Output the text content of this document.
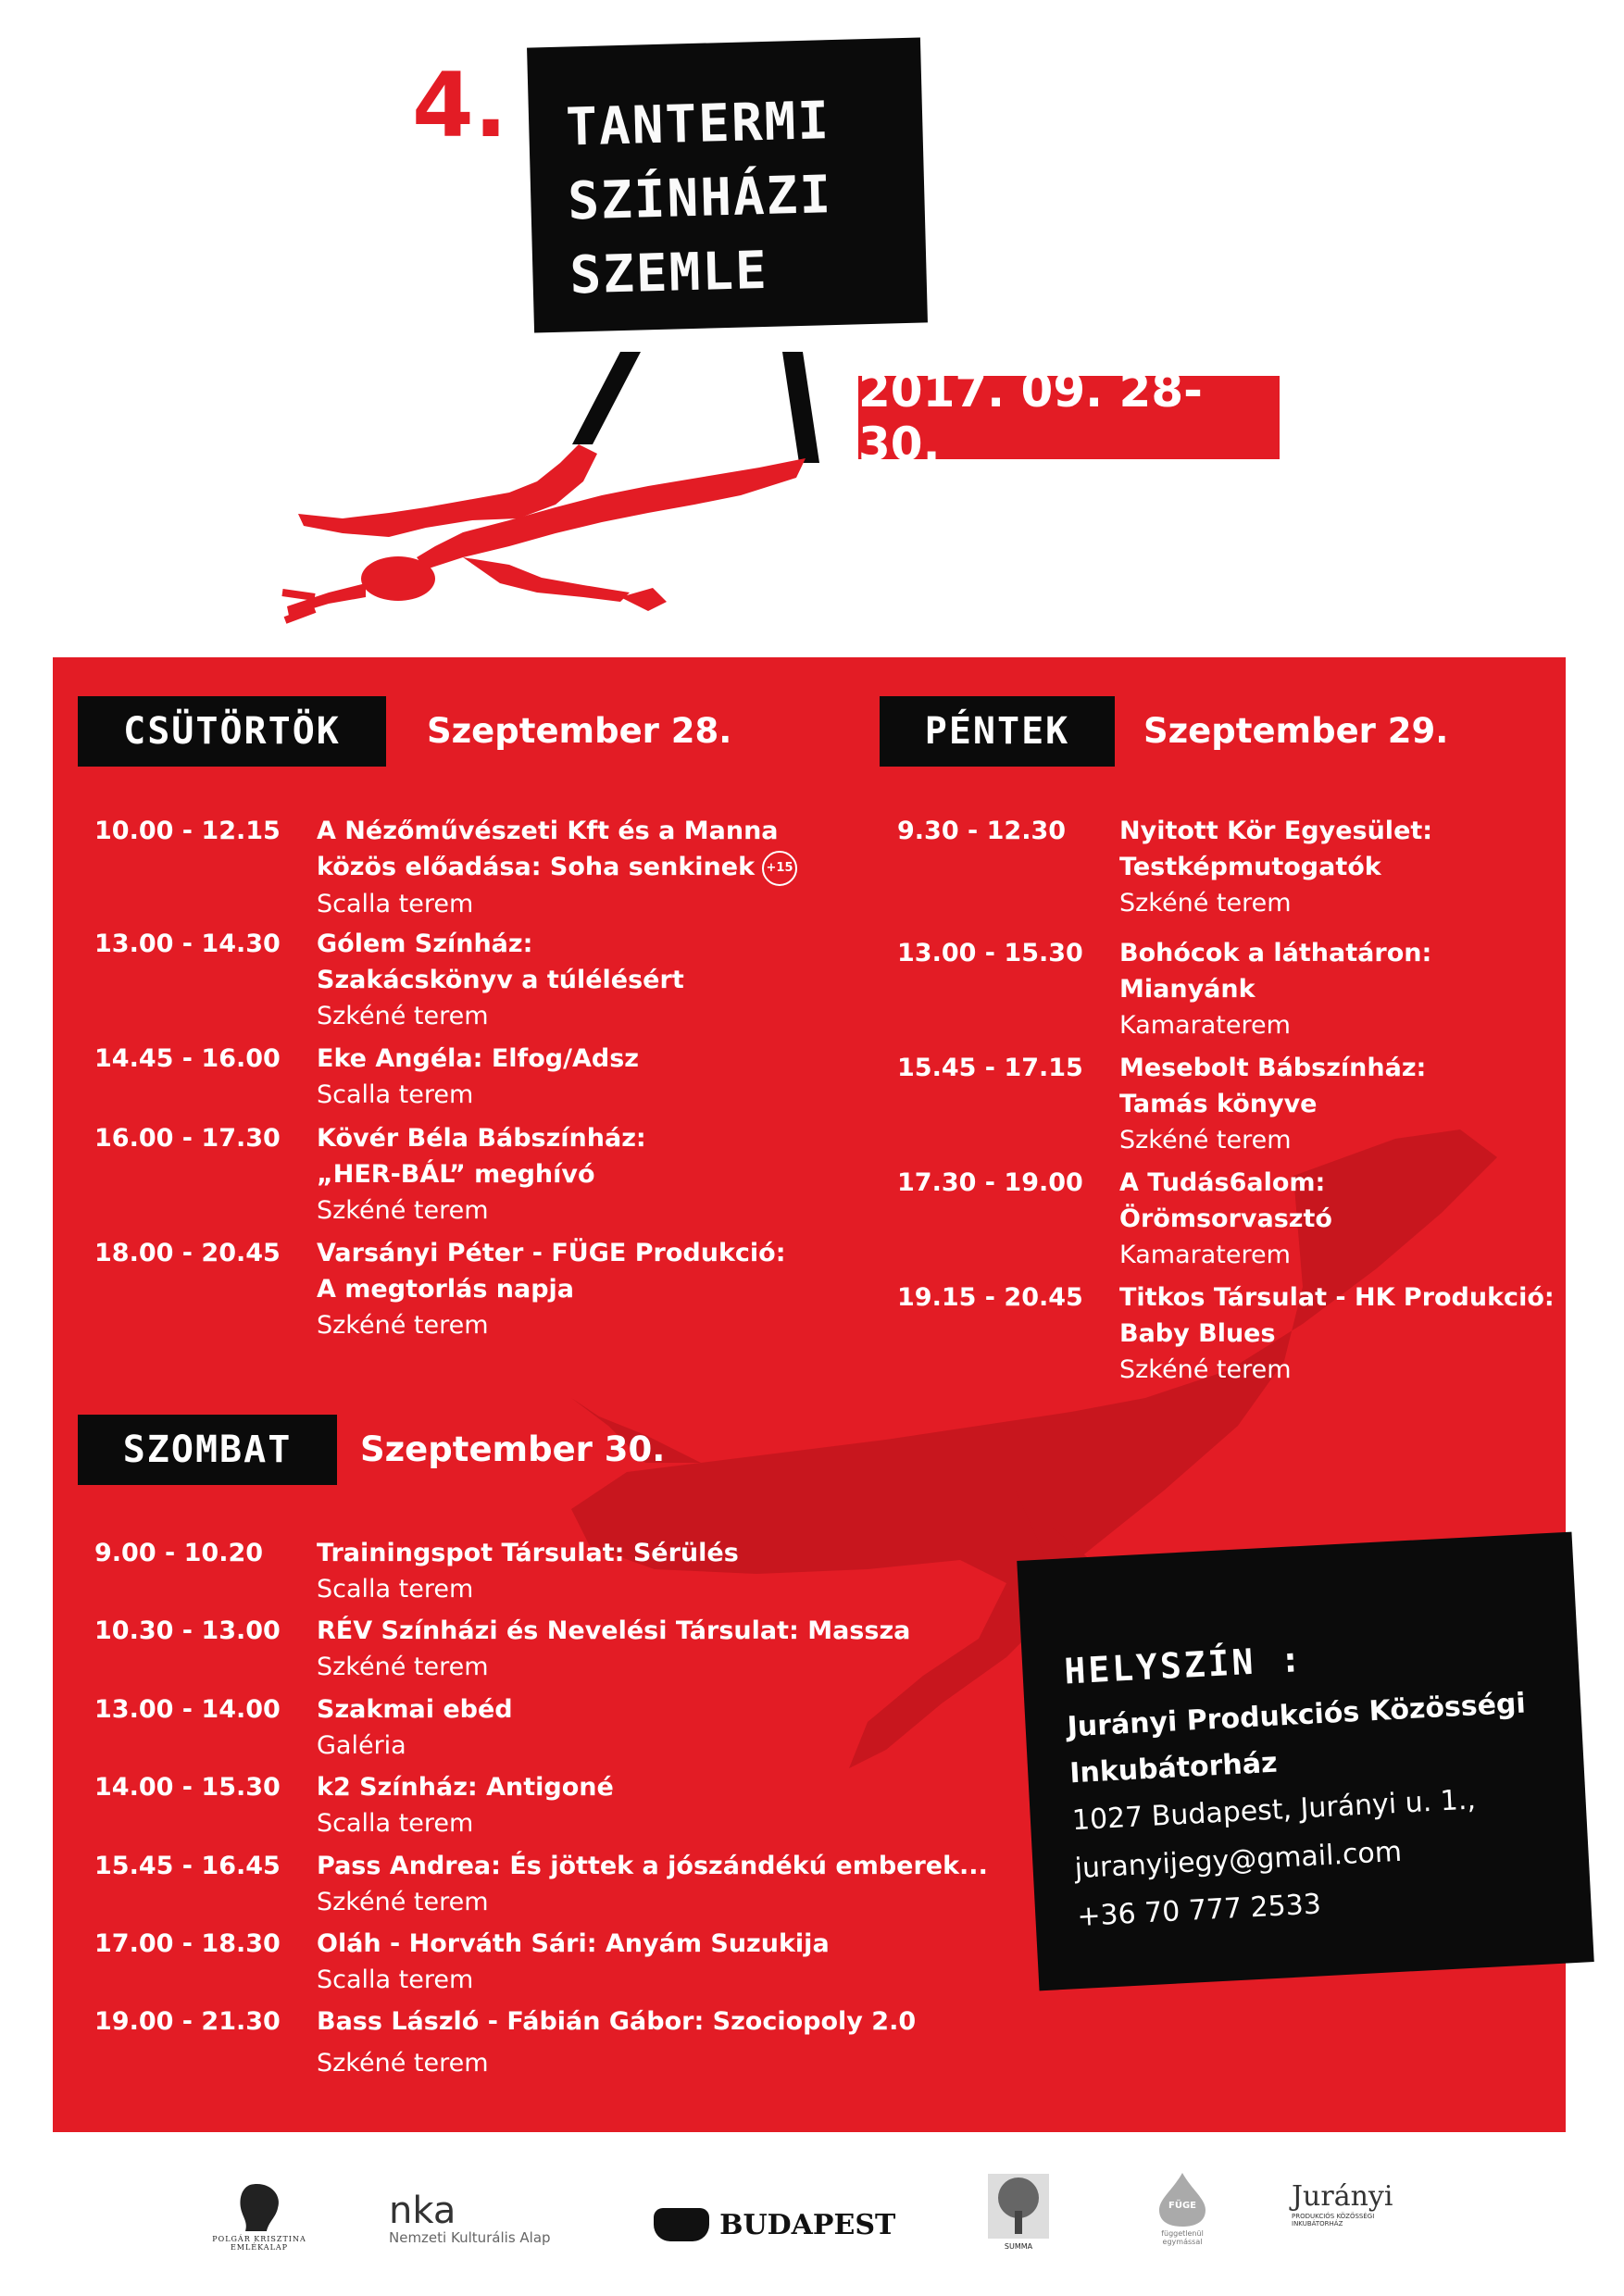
4. TANTERMI
SZÍNHÁZI
SZEMLE
2017. 09. 28-30.
CSÜTÖRTÖK	Szeptember 28.
10.00 - 12.15	A Nézőművészeti Kft és a Manna
közös előadása: Soha senkinek +15
Scalla terem
13.00 - 14.30	Gólem Színház:
Szakácskönyv a túlélésért
Szkéné terem
14.45 - 16.00	Eke Angéla: Elfog/Adsz
Scalla terem
16.00 - 17.30	Kövér Béla Bábszínház:
„HER-BÁL” meghívó
Szkéné terem
18.00 - 20.45	Varsányi Péter - FÜGE Produkció:
A megtorlás napja
Szkéné terem
PÉNTEK	Szeptember 29.
9.30 - 12.30	Nyitott Kör Egyesület:
Testképmutogatók
Szkéné terem
13.00 - 15.30	Bohócok a láthatáron:
Mianyánk
Kamaraterem
15.45 - 17.15	Mesebolt Bábszínház:
Tamás könyve
Szkéné terem
17.30 - 19.00	A Tudás6alom:
Örömsorvasztó
Kamaraterem
19.15 - 20.45	Titkos Társulat - HK Produkció:
Baby Blues
Szkéné terem
SZOMBAT	Szeptember 30.
9.00 - 10.20	Trainingspot Társulat: Sérülés
Scalla terem
10.30 - 13.00	RÉV Színházi és Nevelési Társulat: Massza
Szkéné terem
13.00 - 14.00	Szakmai ebéd
Galéria
14.00 - 15.30	k2 Színház: Antigoné
Scalla terem
15.45 - 16.45	Pass Andrea: És jöttek a jószándékú emberek...
Szkéné terem
17.00 - 18.30	Oláh - Horváth Sári: Anyám Suzukija
Scalla terem
19.00 - 21.30	Bass László - Fábián Gábor: Szociopoly 2.0
Szkéné terem
HELYSZÍN :
Jurányi Produkciós Közösségi
Inkubátorház
1027 Budapest, Jurányi u. 1.,
juranyijegy@gmail.com
+36 70 777 2533
POLGÁR KRISZTINA
EMLÉKALAP
nka
Nemzeti Kulturális Alap	BUDAPEST
SUMMA
FÜGE
függetlenül
egymással
Jurányi
PRODUKCIÓS KÖZÖSSÉGI
INKUBÁTORHÁZ
